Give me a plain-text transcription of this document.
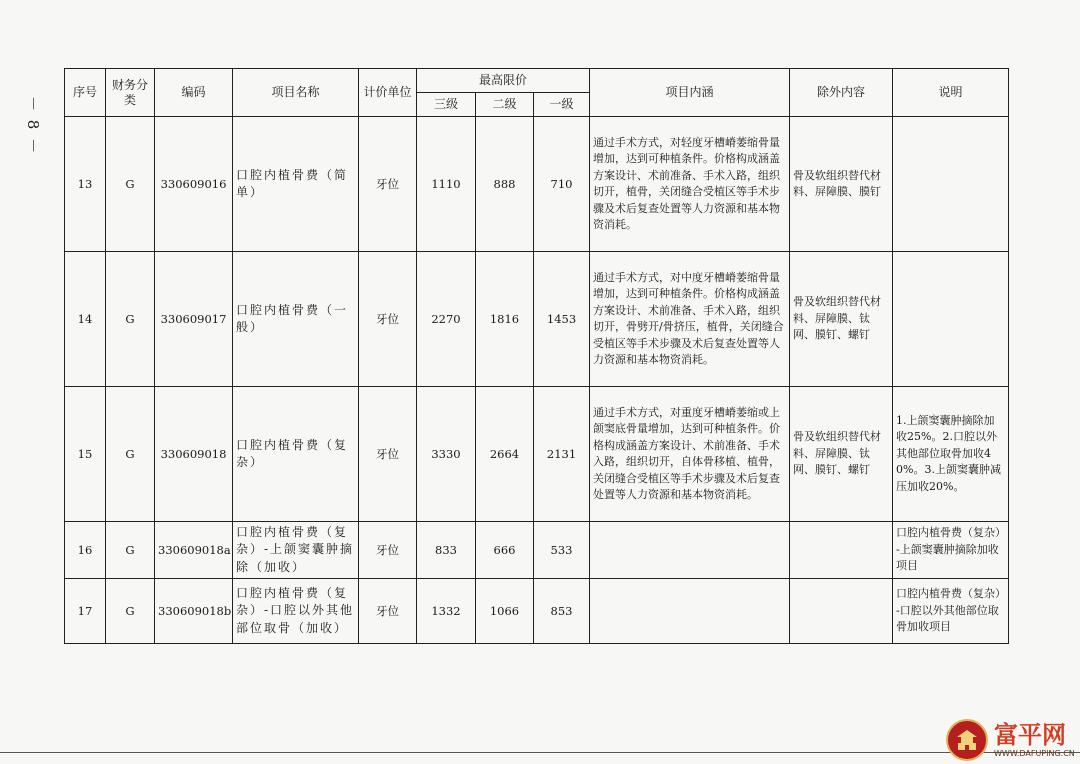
－ 8 －
序号	财务分类	编码	项目名称	计价单位	最高限价			项目内涵	除外内容	说明
					三级	二级	一级			
13	G	330609016	口腔内植骨费（简单）	牙位	1110	888	710	通过手术方式，对轻度牙槽嵴萎缩骨量增加，达到可种植条件。价格构成涵盖方案设计、术前准备、手术入路，组织切开，植骨，关闭缝合受植区等手术步骤及术后复查处置等人力资源和基本物资消耗。	骨及软组织替代材料、屏障膜、膜钉	
14	G	330609017	口腔内植骨费（一般）	牙位	2270	1816	1453	通过手术方式，对中度牙槽嵴萎缩骨量增加，达到可种植条件。价格构成涵盖方案设计、术前准备、手术入路，组织切开，骨劈开/骨挤压，植骨，关闭缝合受植区等手术步骤及术后复查处置等人力资源和基本物资消耗。	骨及软组织替代材料、屏障膜、钛网、膜钉、螺钉	
15	G	330609018	口腔内植骨费（复杂）	牙位	3330	2664	2131	通过手术方式，对重度牙槽嵴萎缩或上颌窦底骨量增加，达到可种植条件。价格构成涵盖方案设计、术前准备、手术入路，组织切开，自体骨移植、植骨，关闭缝合受植区等手术步骤及术后复查处置等人力资源和基本物资消耗。	骨及软组织替代材料、屏障膜、钛网、膜钉、螺钉	1.上颌窦囊肿摘除加收25%。2.口腔以外其他部位取骨加收40%。3.上颌窦囊肿减压加收20%。
16	G	330609018a	口腔内植骨费（复杂）-上颌窦囊肿摘除（加收）	牙位	833	666	533			口腔内植骨费（复杂）-上颌窦囊肿摘除加收项目
17	G	330609018b	口腔内植骨费（复杂）-口腔以外其他部位取骨（加收）	牙位	1332	1066	853			口腔内植骨费（复杂）-口腔以外其他部位取骨加收项目
富平网
WWW.DAFUPING.CN
